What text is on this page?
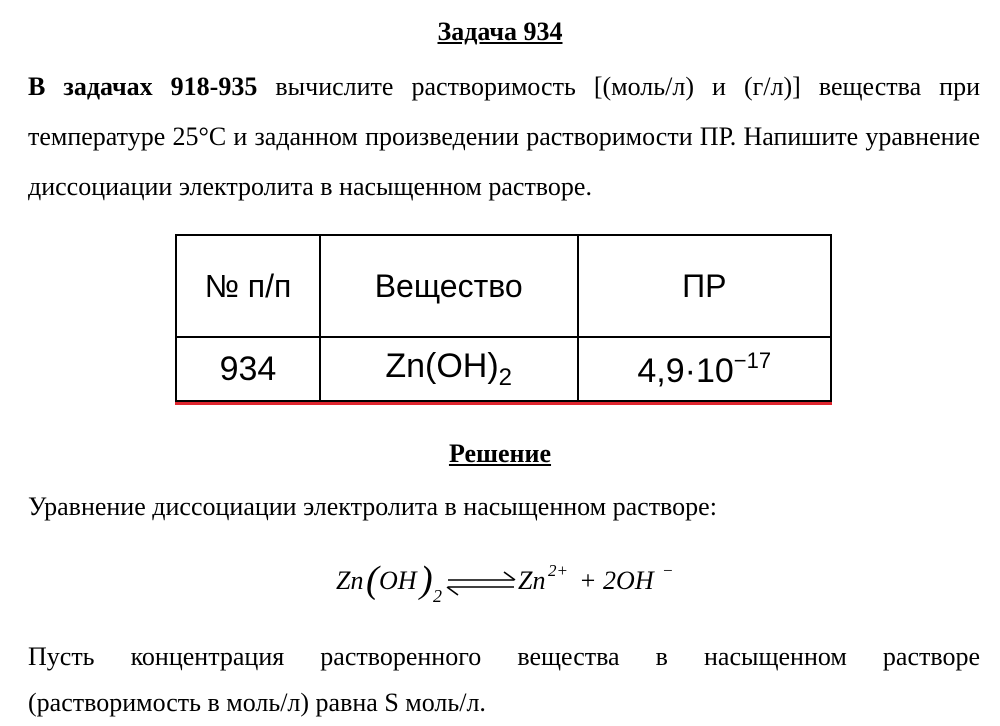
Задача 934

В задачах 918-935 вычислите растворимость [(моль/л) и (г/л)] вещества при температуре 25°С и заданном произведении растворимости ПР. Напишите уравнение диссоциации электролита в насыщенном растворе.

№ п/п	Вещество	ПР
934	$Zn(OH)_2$	$4,9\cdot 10^{-17}$
Решение
Уравнение диссоциации электролита в насыщенном растворе:
Zn ( OH ) 2
Zn 2+ + 2OH −

Пусть концентрация растворенного вещества в насыщенном растворе (растворимость в моль/л) равна S моль/л.
